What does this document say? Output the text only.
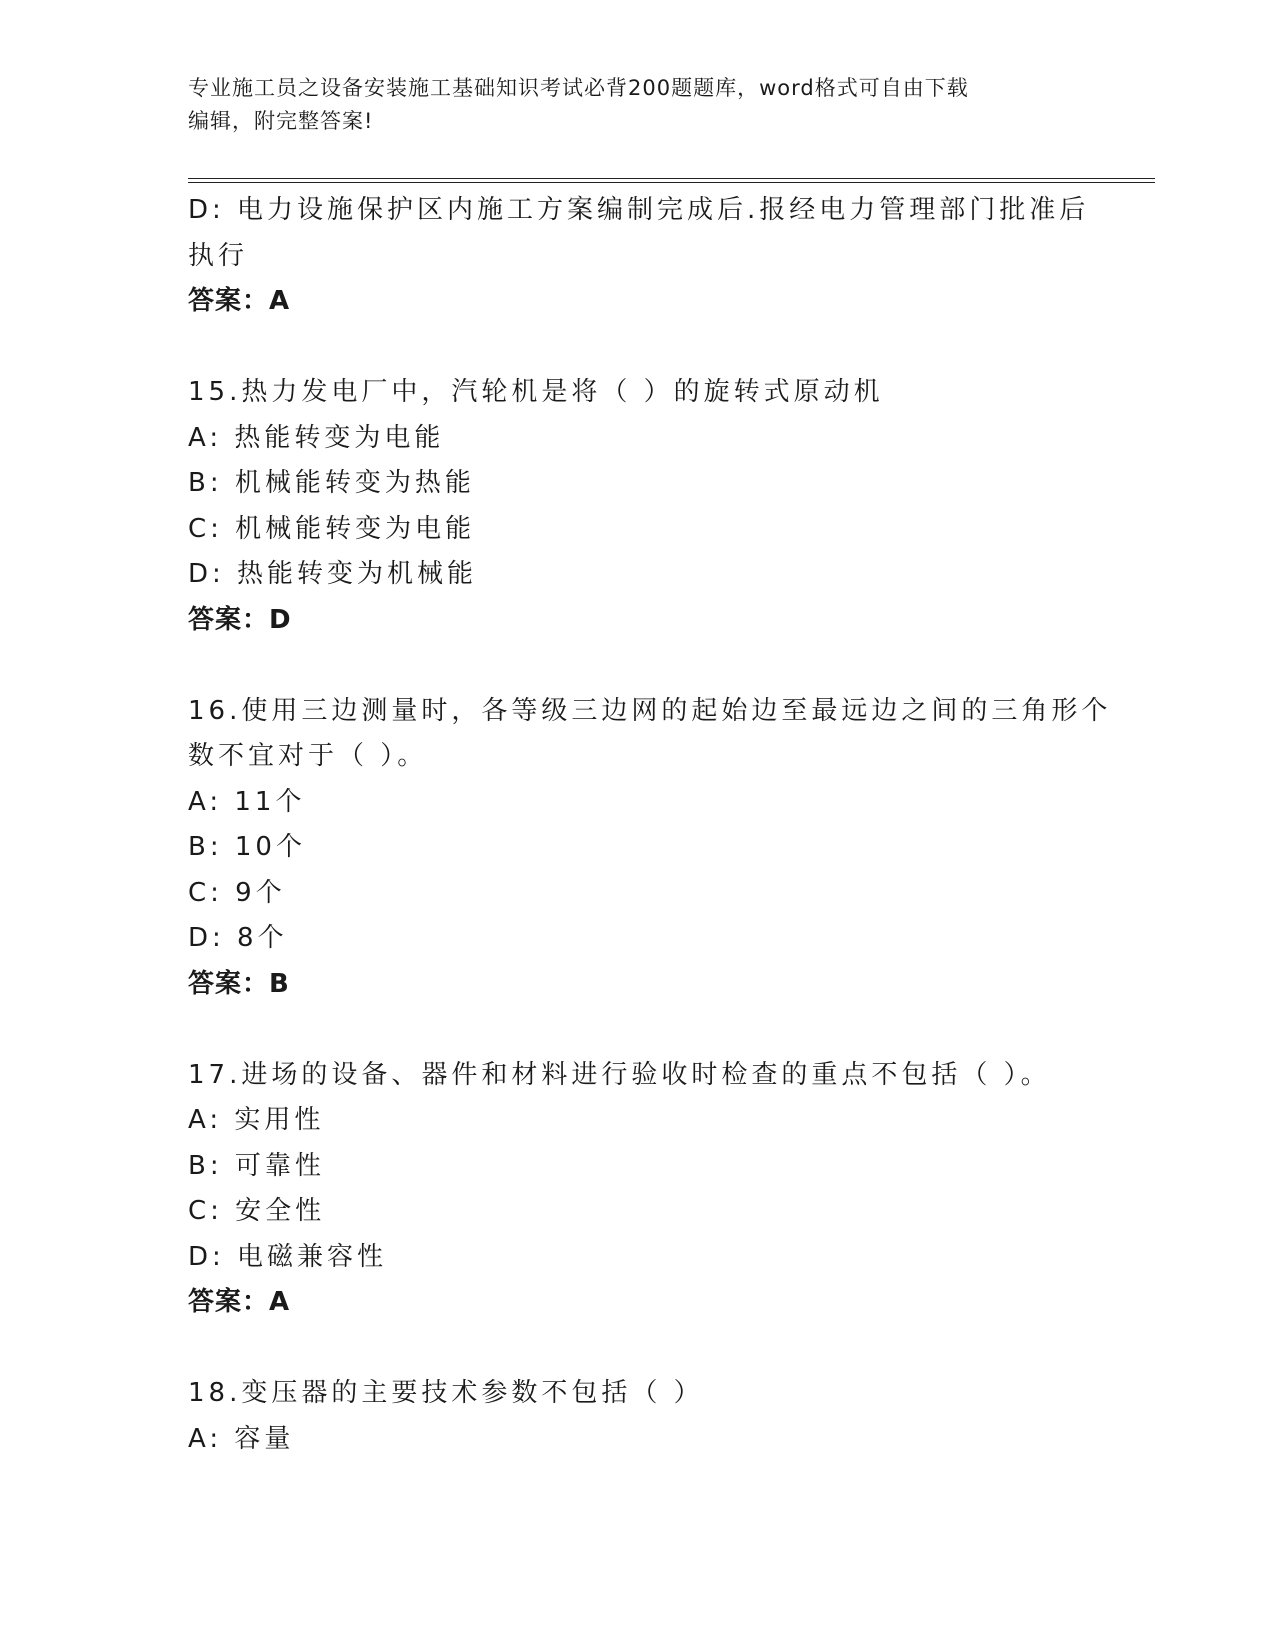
专业施工员之设备安装施工基础知识考试必背200题题库，word格式可自由下载
编辑，附完整答案!
D: 电力设施保护区内施工方案编制完成后.报经电力管理部门批准后
执行
答案：A
15.热力发电厂中，汽轮机是将（ ）的旋转式原动机
A: 热能转变为电能
B: 机械能转变为热能
C: 机械能转变为电能
D: 热能转变为机械能
答案：D
16.使用三边测量时，各等级三边网的起始边至最远边之间的三角形个
数不宜对于（ ）。
A: 11个
B: 10个
C: 9个
D: 8个
答案：B
17.进场的设备、器件和材料进行验收时检查的重点不包括（ ）。
A: 实用性
B: 可靠性
C: 安全性
D: 电磁兼容性
答案：A
18.变压器的主要技术参数不包括（ ）
A: 容量
